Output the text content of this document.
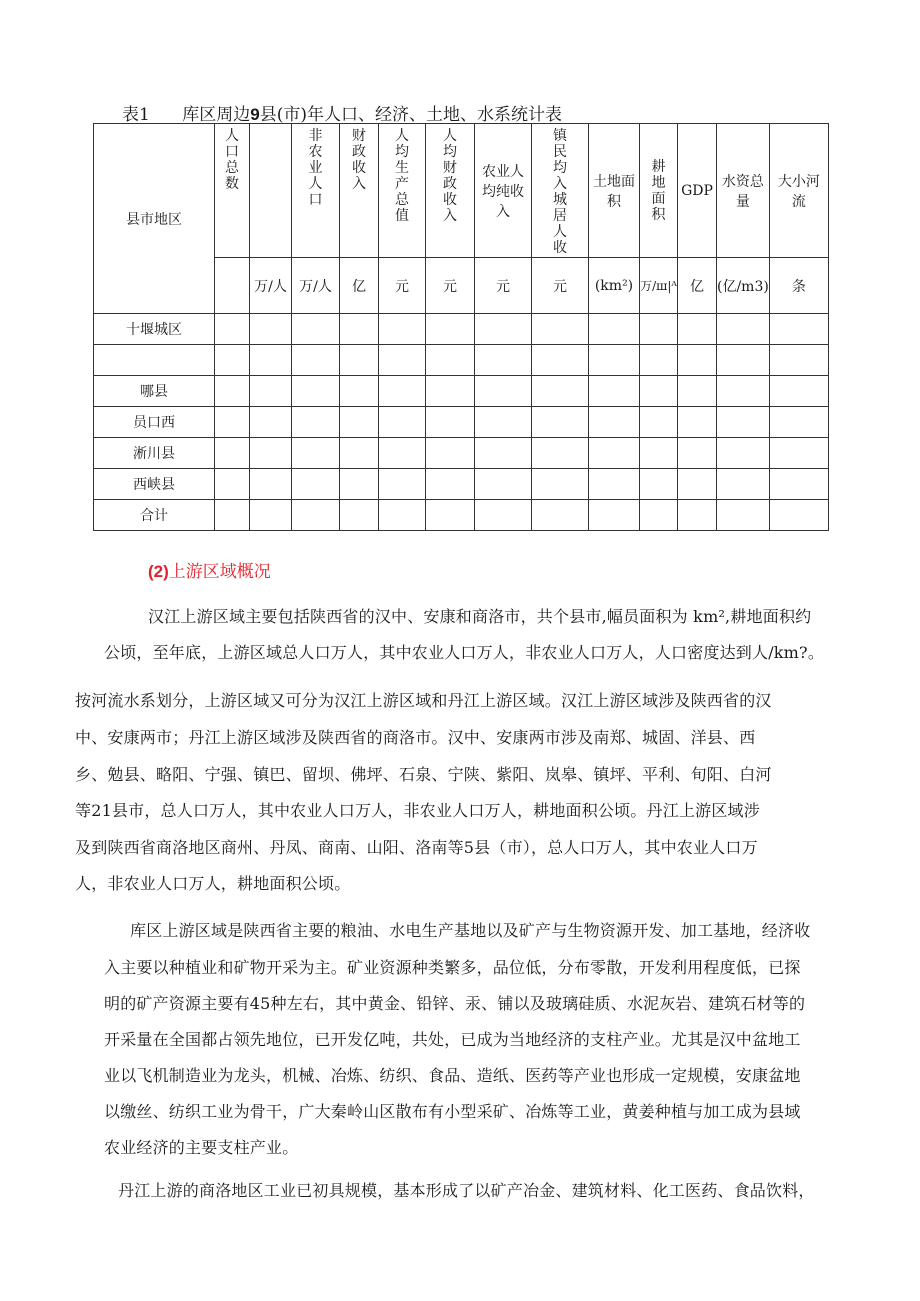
表1 库区周边9县(市)年人口、经济、土地、水系统计表
县市地区	人口总数		非农业人口	财政收入	人均生产总值	人均财政收入	农业人均纯收入	镇民均入城居人收	土地面积	耕地面积	GDP	水资总量	大小河流
		万/人	万/人	亿	元	元	元	元	(km²)	万/ш|ᴬ	亿	(亿/m3)	条
十堰城区													

哪县													
员口西													
淅川县													
西峡县													
合计													
(2)上游区域概况
汉江上游区域主要包括陕西省的汉中、安康和商洛市，共个县市,幅员面积为 km²,耕地面积约
公顷，至年底，上游区域总人口万人，其中农业人口万人，非农业人口万人，人口密度达到人/km?。
按河流水系划分，上游区域又可分为汉江上游区域和丹江上游区域。汉江上游区域涉及陕西省的汉
中、安康两市；丹江上游区域涉及陕西省的商洛市。汉中、安康两市涉及南郑、城固、洋县、西
乡、勉县、略阳、宁强、镇巴、留坝、佛坪、石泉、宁陕、紫阳、岚皋、镇坪、平利、旬阳、白河
等21县市，总人口万人，其中农业人口万人，非农业人口万人，耕地面积公顷。丹江上游区域涉
及到陕西省商洛地区商州、丹凤、商南、山阳、洛南等5县（市），总人口万人，其中农业人口万
人，非农业人口万人，耕地面积公顷。
库区上游区域是陕西省主要的粮油、水电生产基地以及矿产与生物资源开发、加工基地，经济收
入主要以种植业和矿物开采为主。矿业资源种类繁多，品位低，分布零散，开发利用程度低，已探
明的矿产资源主要有45种左右，其中黄金、铅锌、汞、铺以及玻璃硅质、水泥灰岩、建筑石材等的
开采量在全国都占领先地位，已开发亿吨，共处，已成为当地经济的支柱产业。尤其是汉中盆地工
业以飞机制造业为龙头，机械、冶炼、纺织、食品、造纸、医药等产业也形成一定规模，安康盆地
以缴丝、纺织工业为骨干，广大秦岭山区散布有小型采矿、冶炼等工业，黄姜种植与加工成为县域
农业经济的主要支柱产业。
丹江上游的商洛地区工业已初具规模，基本形成了以矿产冶金、建筑材料、化工医药、食品饮料，
